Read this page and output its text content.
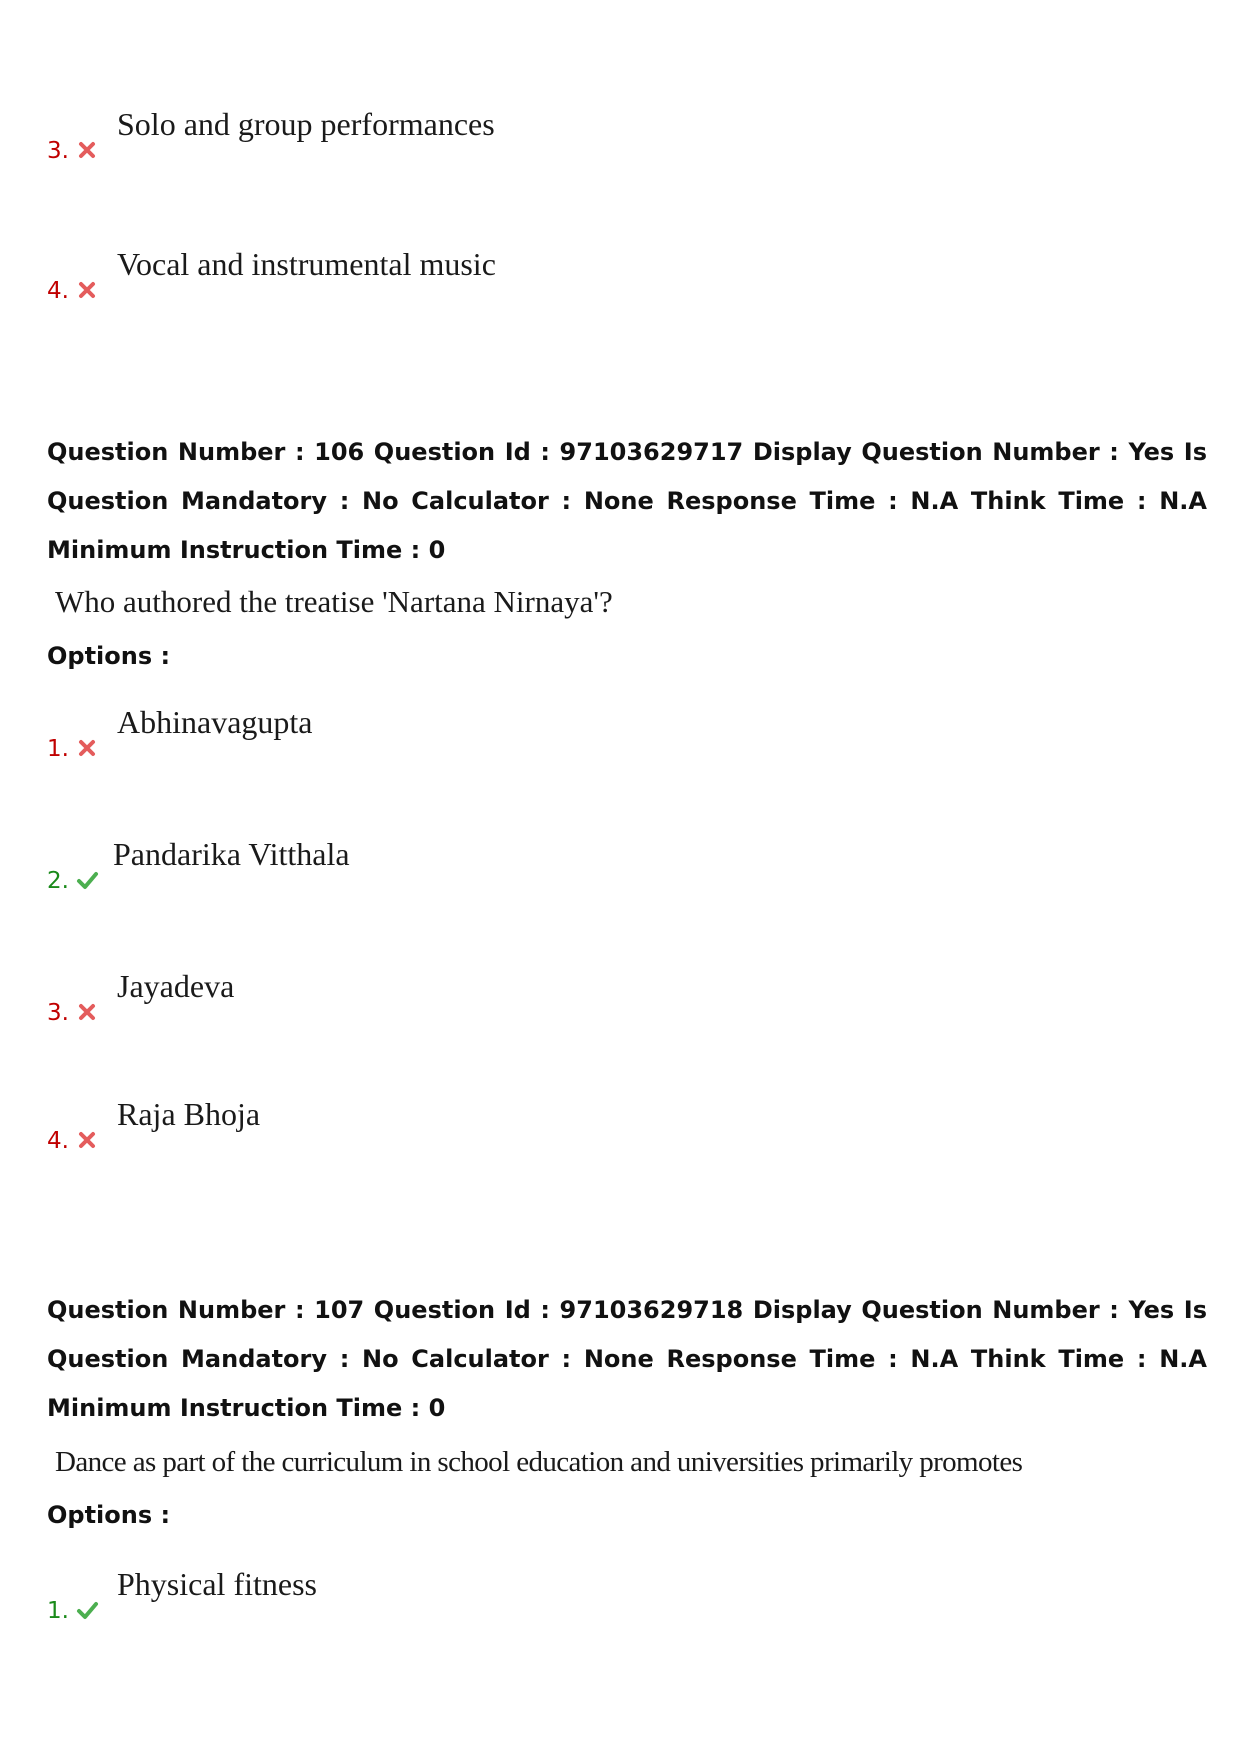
3.
Solo and group performances
4.
Vocal and instrumental music
Question Number : 106 Question Id : 97103629717 Display Question Number : Yes Is Question Mandatory : No Calculator : None Response Time : N.A Think Time : N.A Minimum Instruction Time : 0
Who authored the treatise 'Nartana Nirnaya'?
Options :
1.
Abhinavagupta
2.
Pandarika Vitthala
3.
Jayadeva
4.
Raja Bhoja
Question Number : 107 Question Id : 97103629718 Display Question Number : Yes Is Question Mandatory : No Calculator : None Response Time : N.A Think Time : N.A Minimum Instruction Time : 0
Dance as part of the curriculum in school education and universities primarily promotes
Options :
1.
Physical fitness
